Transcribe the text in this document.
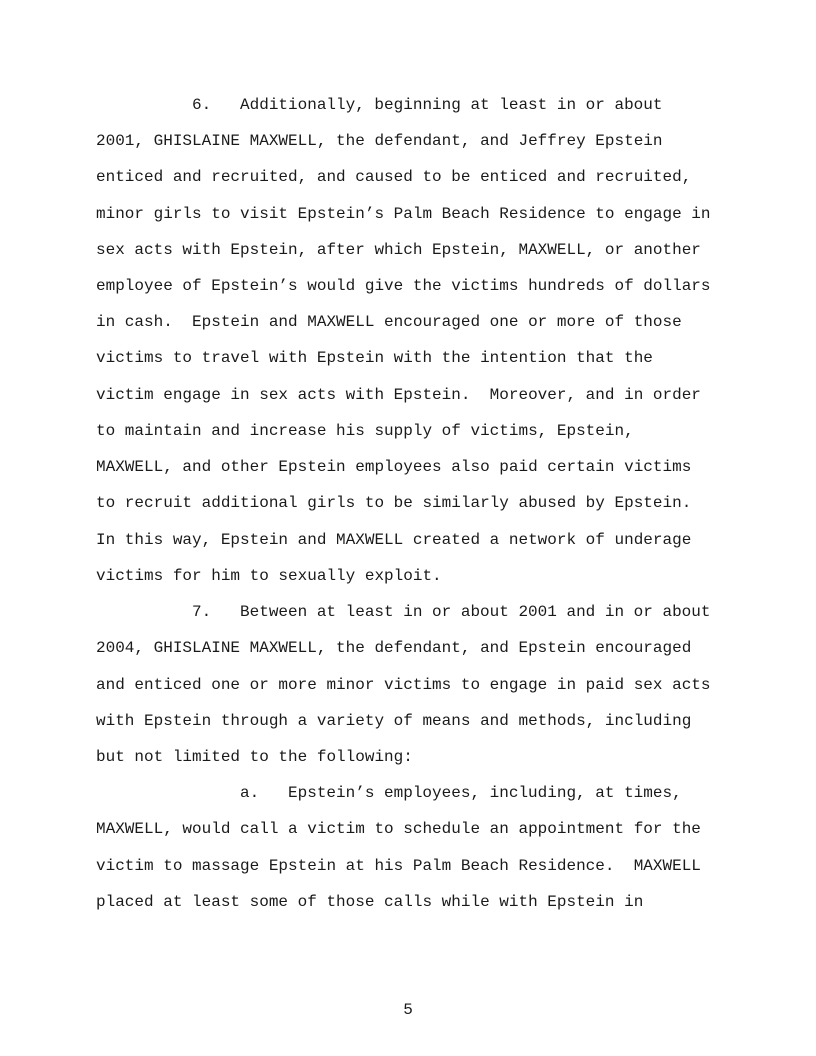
6.   Additionally, beginning at least in or about
2001, GHISLAINE MAXWELL, the defendant, and Jeffrey Epstein
enticed and recruited, and caused to be enticed and recruited,
minor girls to visit Epstein’s Palm Beach Residence to engage in
sex acts with Epstein, after which Epstein, MAXWELL, or another
employee of Epstein’s would give the victims hundreds of dollars
in cash.  Epstein and MAXWELL encouraged one or more of those
victims to travel with Epstein with the intention that the
victim engage in sex acts with Epstein.  Moreover, and in order
to maintain and increase his supply of victims, Epstein,
MAXWELL, and other Epstein employees also paid certain victims
to recruit additional girls to be similarly abused by Epstein.
In this way, Epstein and MAXWELL created a network of underage
victims for him to sexually exploit.
7.   Between at least in or about 2001 and in or about
2004, GHISLAINE MAXWELL, the defendant, and Epstein encouraged
and enticed one or more minor victims to engage in paid sex acts
with Epstein through a variety of means and methods, including
but not limited to the following:
a.   Epstein’s employees, including, at times,
MAXWELL, would call a victim to schedule an appointment for the
victim to massage Epstein at his Palm Beach Residence.  MAXWELL
placed at least some of those calls while with Epstein in
5
